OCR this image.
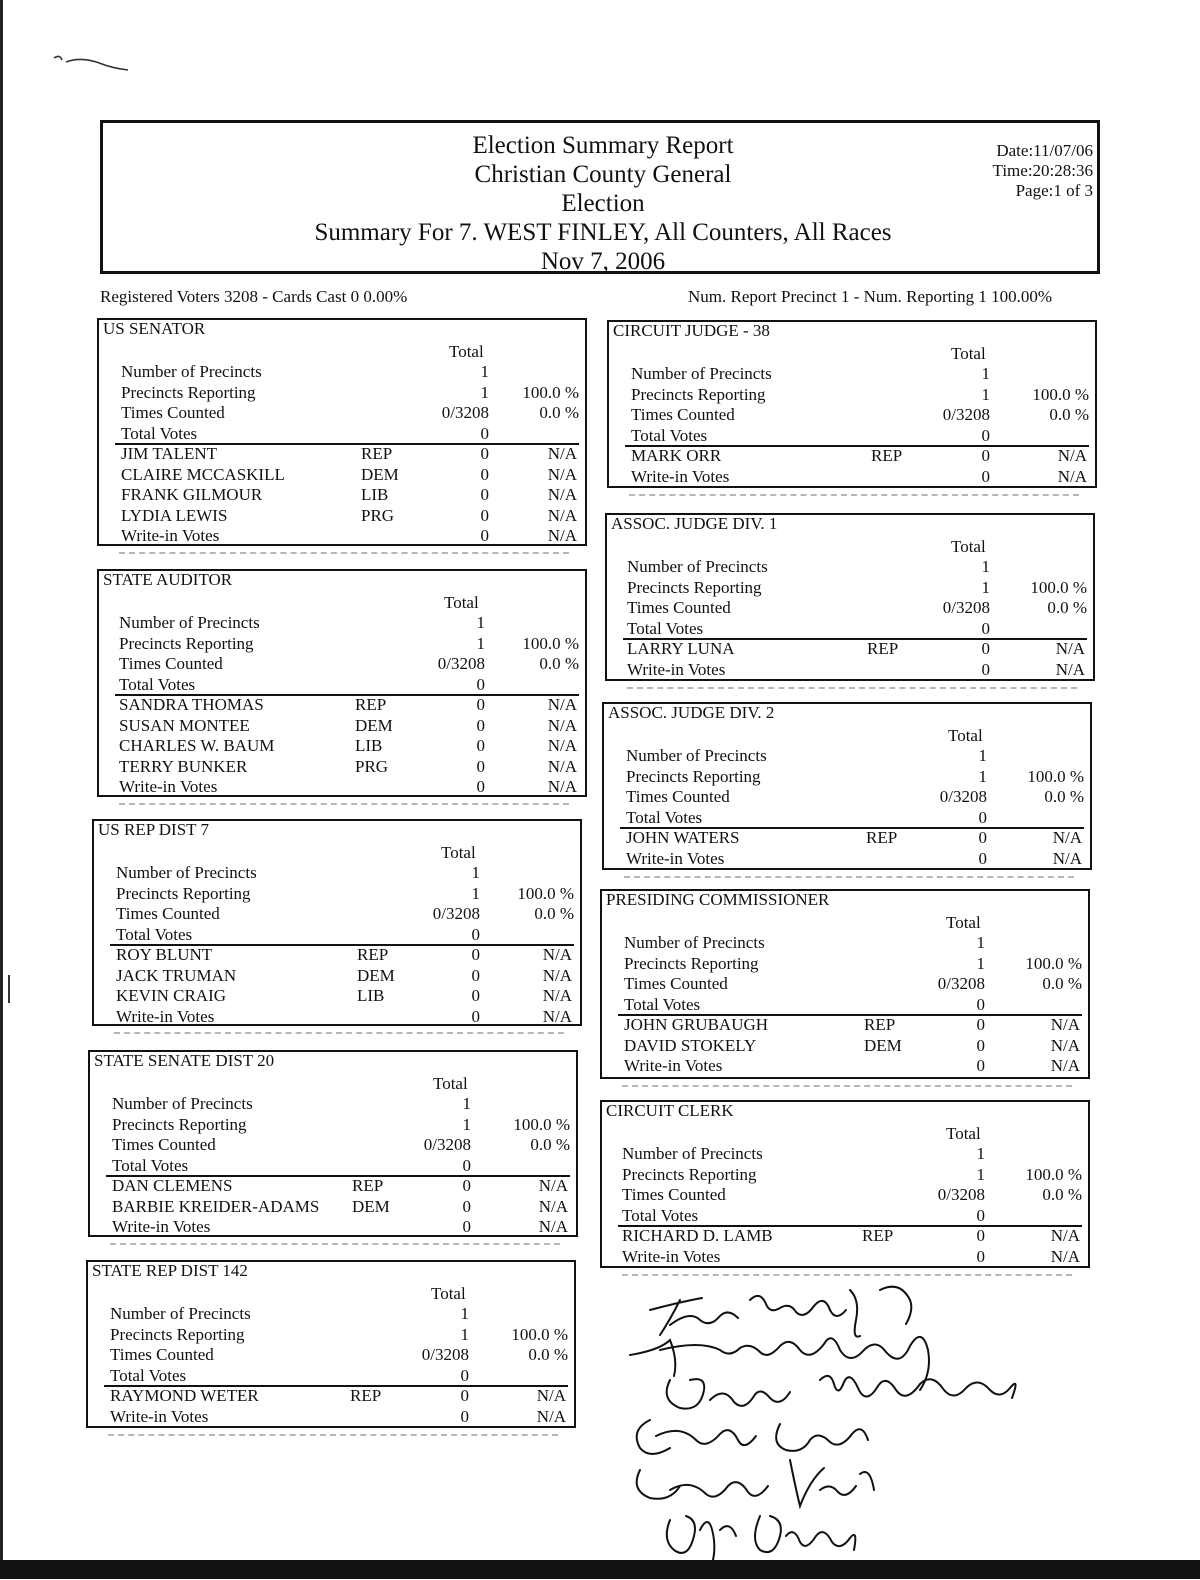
Election Summary Report
Christian County General
Election
Summary For 7. WEST FINLEY, All Counters, All Races
Nov 7, 2006
Date:11/07/06
Time:20:28:36
Page:1 of 3
Registered Voters 3208 - Cards Cast 0 0.00%	Num. Report Precinct 1 - Num. Reporting 1 100.00%
US SENATOR
Total
Number of Precincts	1
Precincts Reporting	1 100.0 %
Times Counted	0/3208	0.0 %
Total Votes	0
JIM TALENT	REP	0	N/A
CLAIRE MCCASKILL	DEM	0	N/A
FRANK GILMOUR	LIB	0	N/A
LYDIA LEWIS	PRG	0	N/A
Write-in Votes	0	N/A
STATE AUDITOR
Total
Number of Precincts	1
Precincts Reporting	1 100.0 %
Times Counted	0/3208	0.0 %
Total Votes	0
SANDRA THOMAS	REP	0	N/A
SUSAN MONTEE	DEM	0	N/A
CHARLES W. BAUM	LIB	0	N/A
TERRY BUNKER	PRG	0	N/A
Write-in Votes	0	N/A
US REP DIST 7
Total
Number of Precincts	1
Precincts Reporting	1 100.0 %
Times Counted	0/3208	0.0 %
Total Votes	0
ROY BLUNT	REP	0	N/A
JACK TRUMAN	DEM	0	N/A
KEVIN CRAIG	LIB	0	N/A
Write-in Votes	0	N/A
STATE SENATE DIST 20
Total
Number of Precincts	1
Precincts Reporting	1 100.0 %
Times Counted	0/3208	0.0 %
Total Votes	0
DAN CLEMENS	REP	0	N/A
BARBIE KREIDER-ADAMS DEM	0	N/A
Write-in Votes	0	N/A
STATE REP DIST 142
Total
Number of Precincts	1
Precincts Reporting	1 100.0 %
Times Counted	0/3208	0.0 %
Total Votes	0
RAYMOND WETER	REP	0	N/A
Write-in Votes	0	N/A
CIRCUIT JUDGE - 38
Total
Number of Precincts	1
Precincts Reporting	1 100.0 %
Times Counted	0/3208	0.0 %
Total Votes	0
MARK ORR	REP	0	N/A
Write-in Votes	0	N/A
ASSOC. JUDGE DIV. 1
Total
Number of Precincts	1
Precincts Reporting	1 100.0 %
Times Counted	0/3208	0.0 %
Total Votes	0
LARRY LUNA	REP	0	N/A
Write-in Votes	0	N/A
ASSOC. JUDGE DIV. 2
Total
Number of Precincts	1
Precincts Reporting	1 100.0 %
Times Counted	0/3208	0.0 %
Total Votes	0
JOHN WATERS	REP	0	N/A
Write-in Votes	0	N/A
PRESIDING COMMISSIONER
Total
Number of Precincts	1
Precincts Reporting	1 100.0 %
Times Counted	0/3208	0.0 %
Total Votes	0
JOHN GRUBAUGH	REP	0	N/A
DAVID STOKELY	DEM	0	N/A
Write-in Votes	0	N/A
CIRCUIT CLERK
Total
Number of Precincts	1
Precincts Reporting	1 100.0 %
Times Counted	0/3208	0.0 %
Total Votes	0
RICHARD D. LAMB	REP	0	N/A
Write-in Votes	0	N/A
